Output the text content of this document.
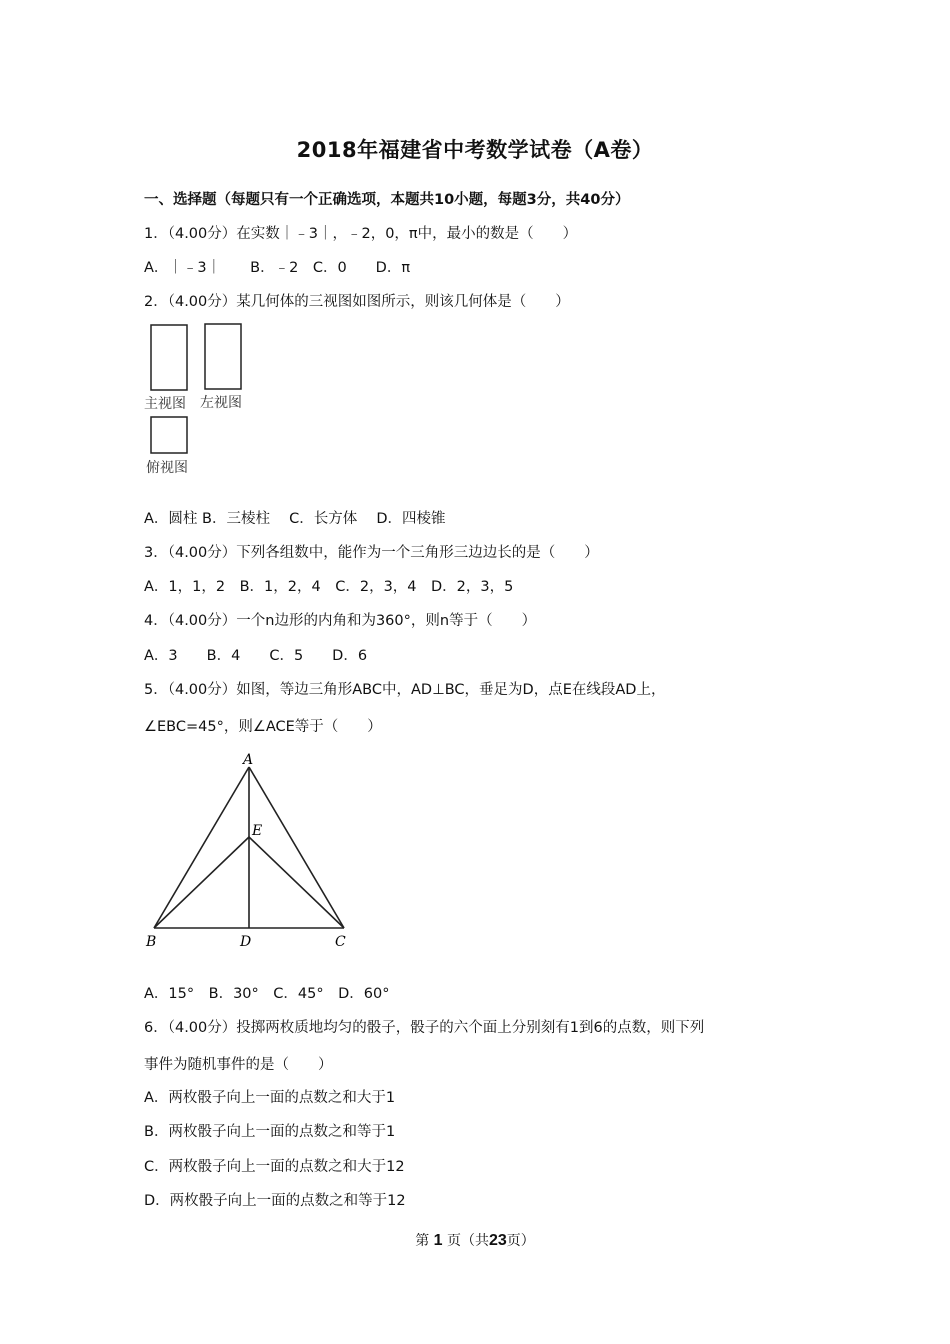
2018年福建省中考数学试卷（A卷）
一、选择题（每题只有一个正确选项，本题共10小题，每题3分，共40分）
1．（4.00分）在实数｜﹣3｜，﹣2，0，π中，最小的数是（　　）
A．｜﹣3｜　　B．﹣2　C．0　　D．π
2．（4.00分）某几何体的三视图如图所示，则该几何体是（　　）
主视图 左视图
俯视图
A．圆柱 B．三棱柱　 C．长方体　 D．四棱锥
3．（4.00分）下列各组数中，能作为一个三角形三边边长的是（　　）
A．1，1，2　B．1，2，4　C．2，3，4　D．2，3，5
4．（4.00分）一个n边形的内角和为360°，则n等于（　　）
A．3　　B．4　　C．5　　D．6
5．（4.00分）如图，等边三角形ABC中，AD⊥BC，垂足为D，点E在线段AD上，
∠EBC=45°，则∠ACE等于（　　）
A
E
B	D	C
A．15°　B．30°　C．45°　D．60°
6．（4.00分）投掷两枚质地均匀的骰子，骰子的六个面上分别刻有1到6的点数，则下列
事件为随机事件的是（　　）
A．两枚骰子向上一面的点数之和大于1
B．两枚骰子向上一面的点数之和等于1
C．两枚骰子向上一面的点数之和大于12
D．两枚骰子向上一面的点数之和等于12
第 1 页（共23页）
